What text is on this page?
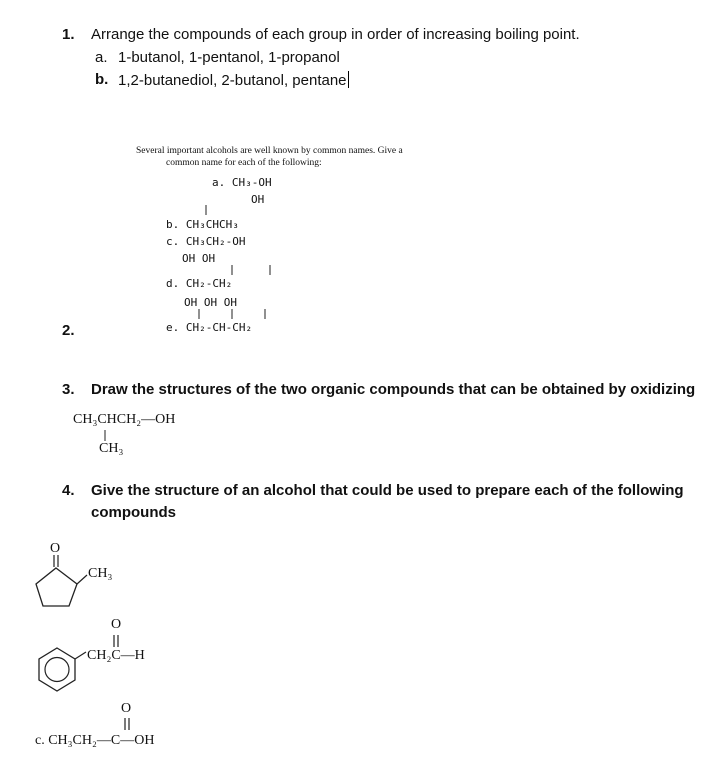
1. Arrange the compounds of each group in order of increasing boiling point.
a. 1-butanol, 1-pentanol, 1-propanol
b. 1,2-butanediol, 2-butanol, pentane
2.
Several important alcohols are well known by common names. Give a
common name for each of the following:
a. CH₃-OH
OH
b. CH₃CHCH₃
c. CH₃CH₂-OH
OH OH
d. CH₂-CH₂
OH OH OH
e. CH₂-CH-CH₂
3. Draw the structures of the two organic compounds that can be obtained by oxidizing
CH₃CHCH₂—OH
CH₃
4. Give the structure of an alcohol that could be used to prepare each of the following
compounds
O
CH₃
O
CH₂C—H
O
c. CH₃CH₂—C—OH
